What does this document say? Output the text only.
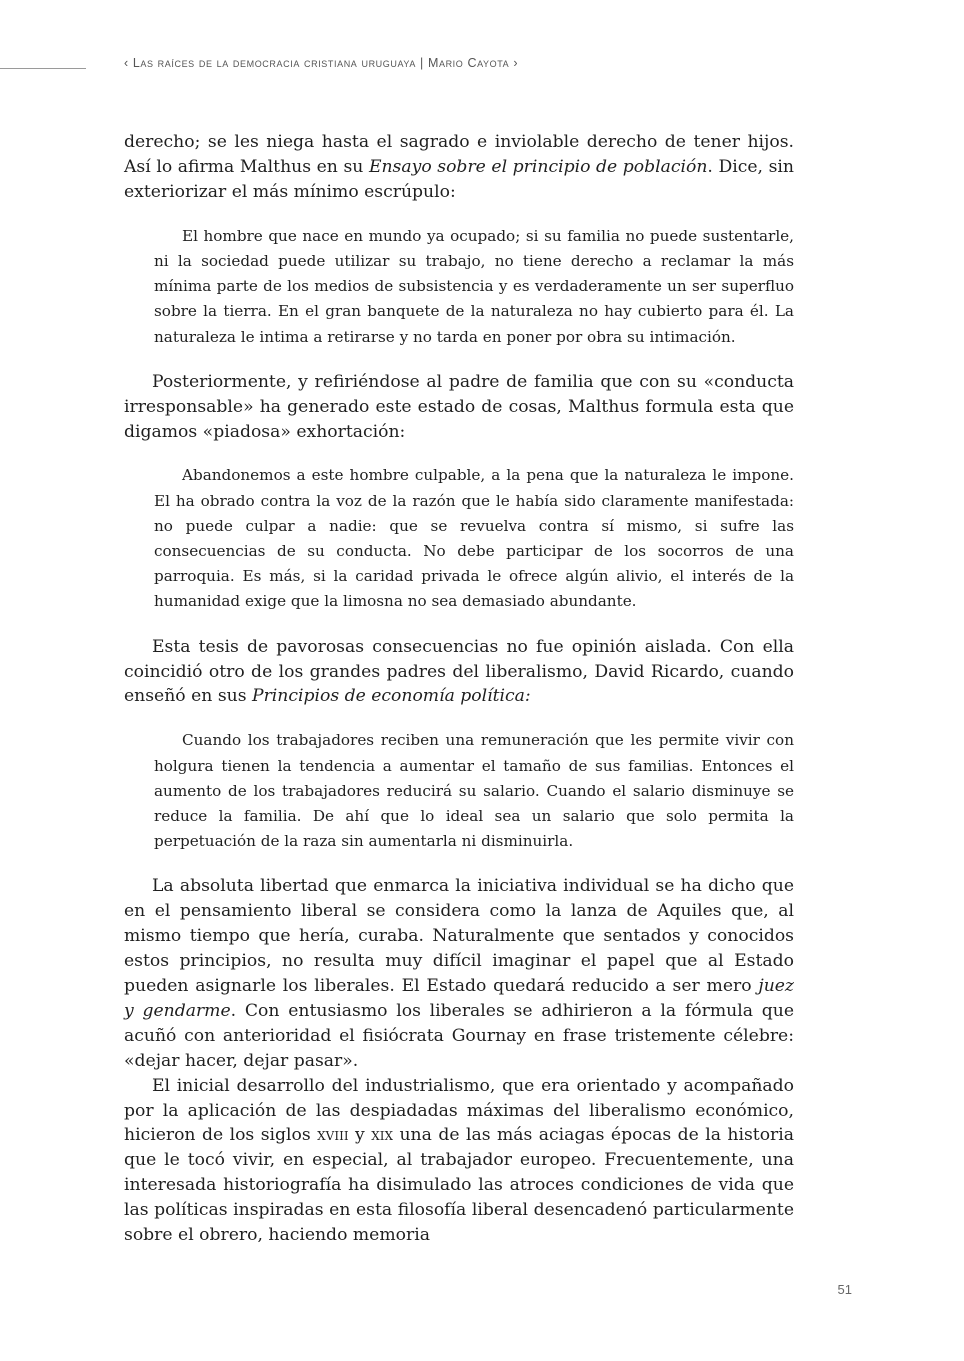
‹ Las raíces de la democracia cristiana uruguaya | Mario Cayota ›

derecho; se les niega hasta el sagrado e inviolable derecho de tener hijos. Así lo afirma Malthus en su Ensayo sobre el principio de población. Dice, sin exteriorizar el más mínimo escrúpulo:

El hombre que nace en mundo ya ocupado; si su familia no puede sustentarle, ni la sociedad puede utilizar su trabajo, no tiene derecho a reclamar la más mínima parte de los medios de subsistencia y es verdaderamente un ser superfluo sobre la tierra. En el gran banquete de la naturaleza no hay cubierto para él. La naturaleza le intima a retirarse y no tarda en poner por obra su intimación.

Posteriormente, y refiriéndose al padre de familia que con su «conducta irresponsable» ha generado este estado de cosas, Malthus formula esta que digamos «piadosa» exhortación:

Abandonemos a este hombre culpable, a la pena que la naturaleza le impone. El ha obrado contra la voz de la razón que le había sido claramente manifestada: no puede culpar a nadie: que se revuelva contra sí mismo, si sufre las consecuencias de su conducta. No debe participar de los socorros de una parroquia. Es más, si la caridad privada le ofrece algún alivio, el interés de la humanidad exige que la limosna no sea demasiado abundante.

Esta tesis de pavorosas consecuencias no fue opinión aislada. Con ella coincidió otro de los grandes padres del liberalismo, David Ricardo, cuando enseñó en sus Principios de economía política:

Cuando los trabajadores reciben una remuneración que les permite vivir con holgura tienen la tendencia a aumentar el tamaño de sus familias. Entonces el aumento de los trabajadores reducirá su salario. Cuando el salario disminuye se reduce la familia. De ahí que lo ideal sea un salario que solo permita la perpetuación de la raza sin aumentarla ni disminuirla.

La absoluta libertad que enmarca la iniciativa individual se ha dicho que en el pensamiento liberal se considera como la lanza de Aquiles que, al mismo tiempo que hería, curaba. Naturalmente que sentados y conocidos estos principios, no resulta muy difícil imaginar el papel que al Estado pueden asignarle los liberales. El Estado quedará reducido a ser mero juez y gendarme. Con entusiasmo los liberales se adhirieron a la fórmula que acuñó con anterioridad el fisiócrata Gournay en frase tristemente célebre: «dejar hacer, dejar pasar».

El inicial desarrollo del industrialismo, que era orientado y acompañado por la aplicación de las despiadadas máximas del liberalismo económico, hicieron de los siglos xviii y xix una de las más aciagas épocas de la historia que le tocó vivir, en especial, al trabajador europeo. Frecuentemente, una interesada historiografía ha disimulado las atroces condiciones de vida que las políticas inspiradas en esta filosofía liberal desencadenó particularmente sobre el obrero, haciendo memoria

51
